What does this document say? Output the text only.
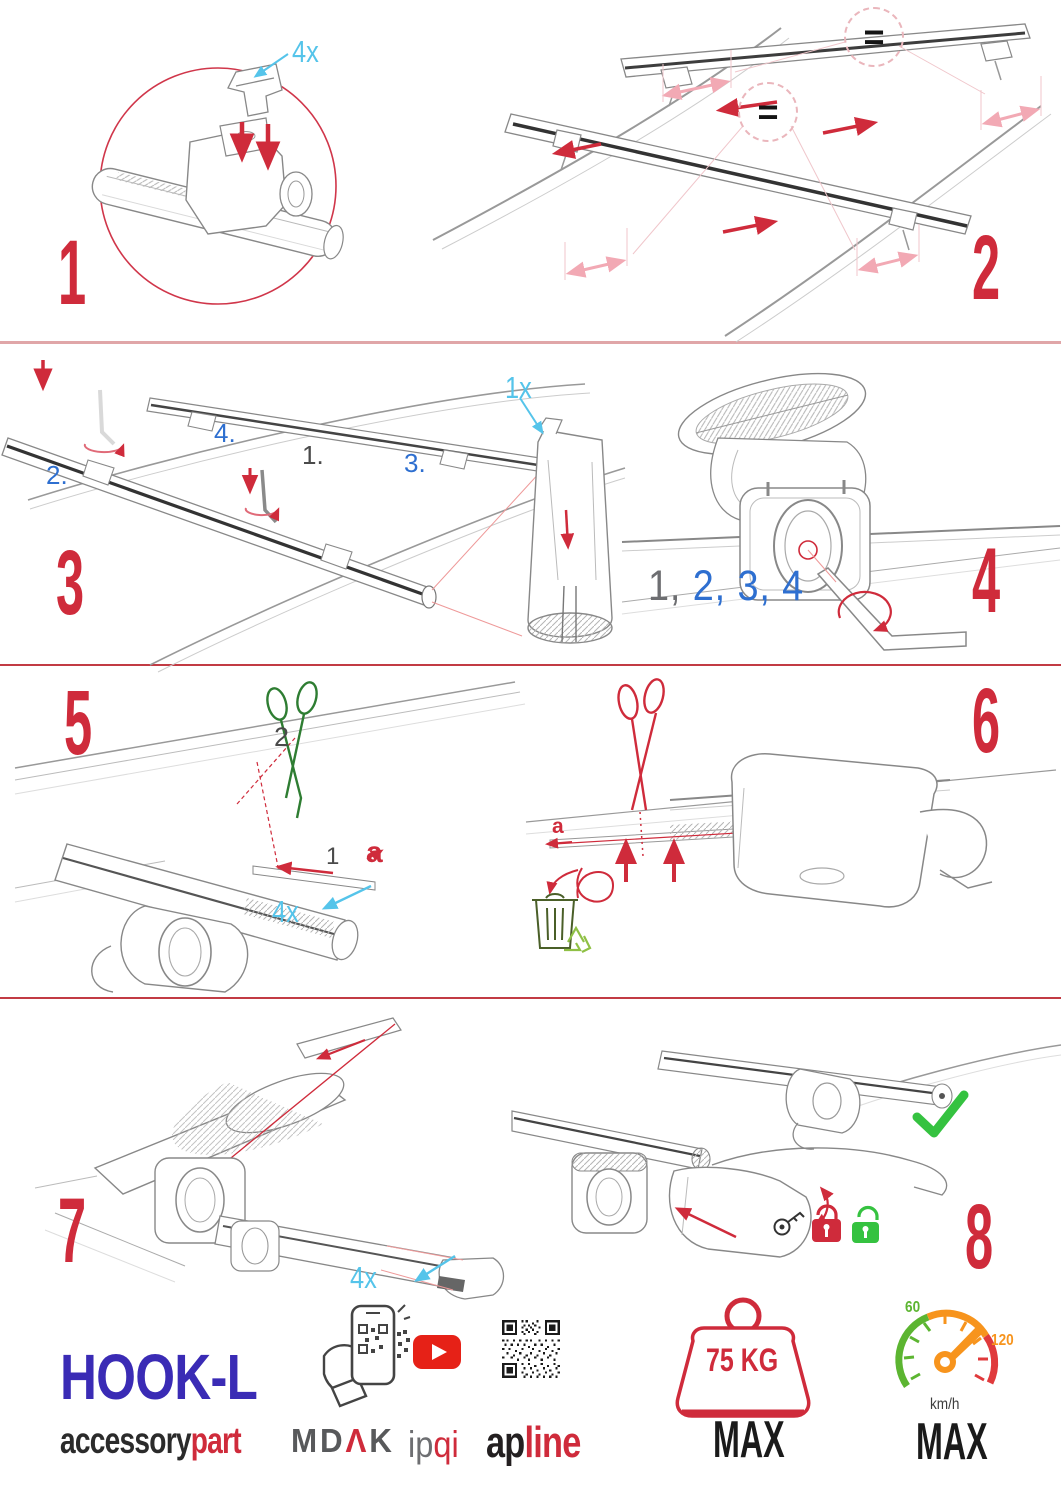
4x
1
=
=
2
1x
2.
4.
3.
1.
3	1, 2, 3, 4 4
2
1 a
4x
5
a
6
4x
7	8
HOOK-L
accessorypart MDΛK ipqi apline
75 KG
MAX
60
120
km/h
MAX
